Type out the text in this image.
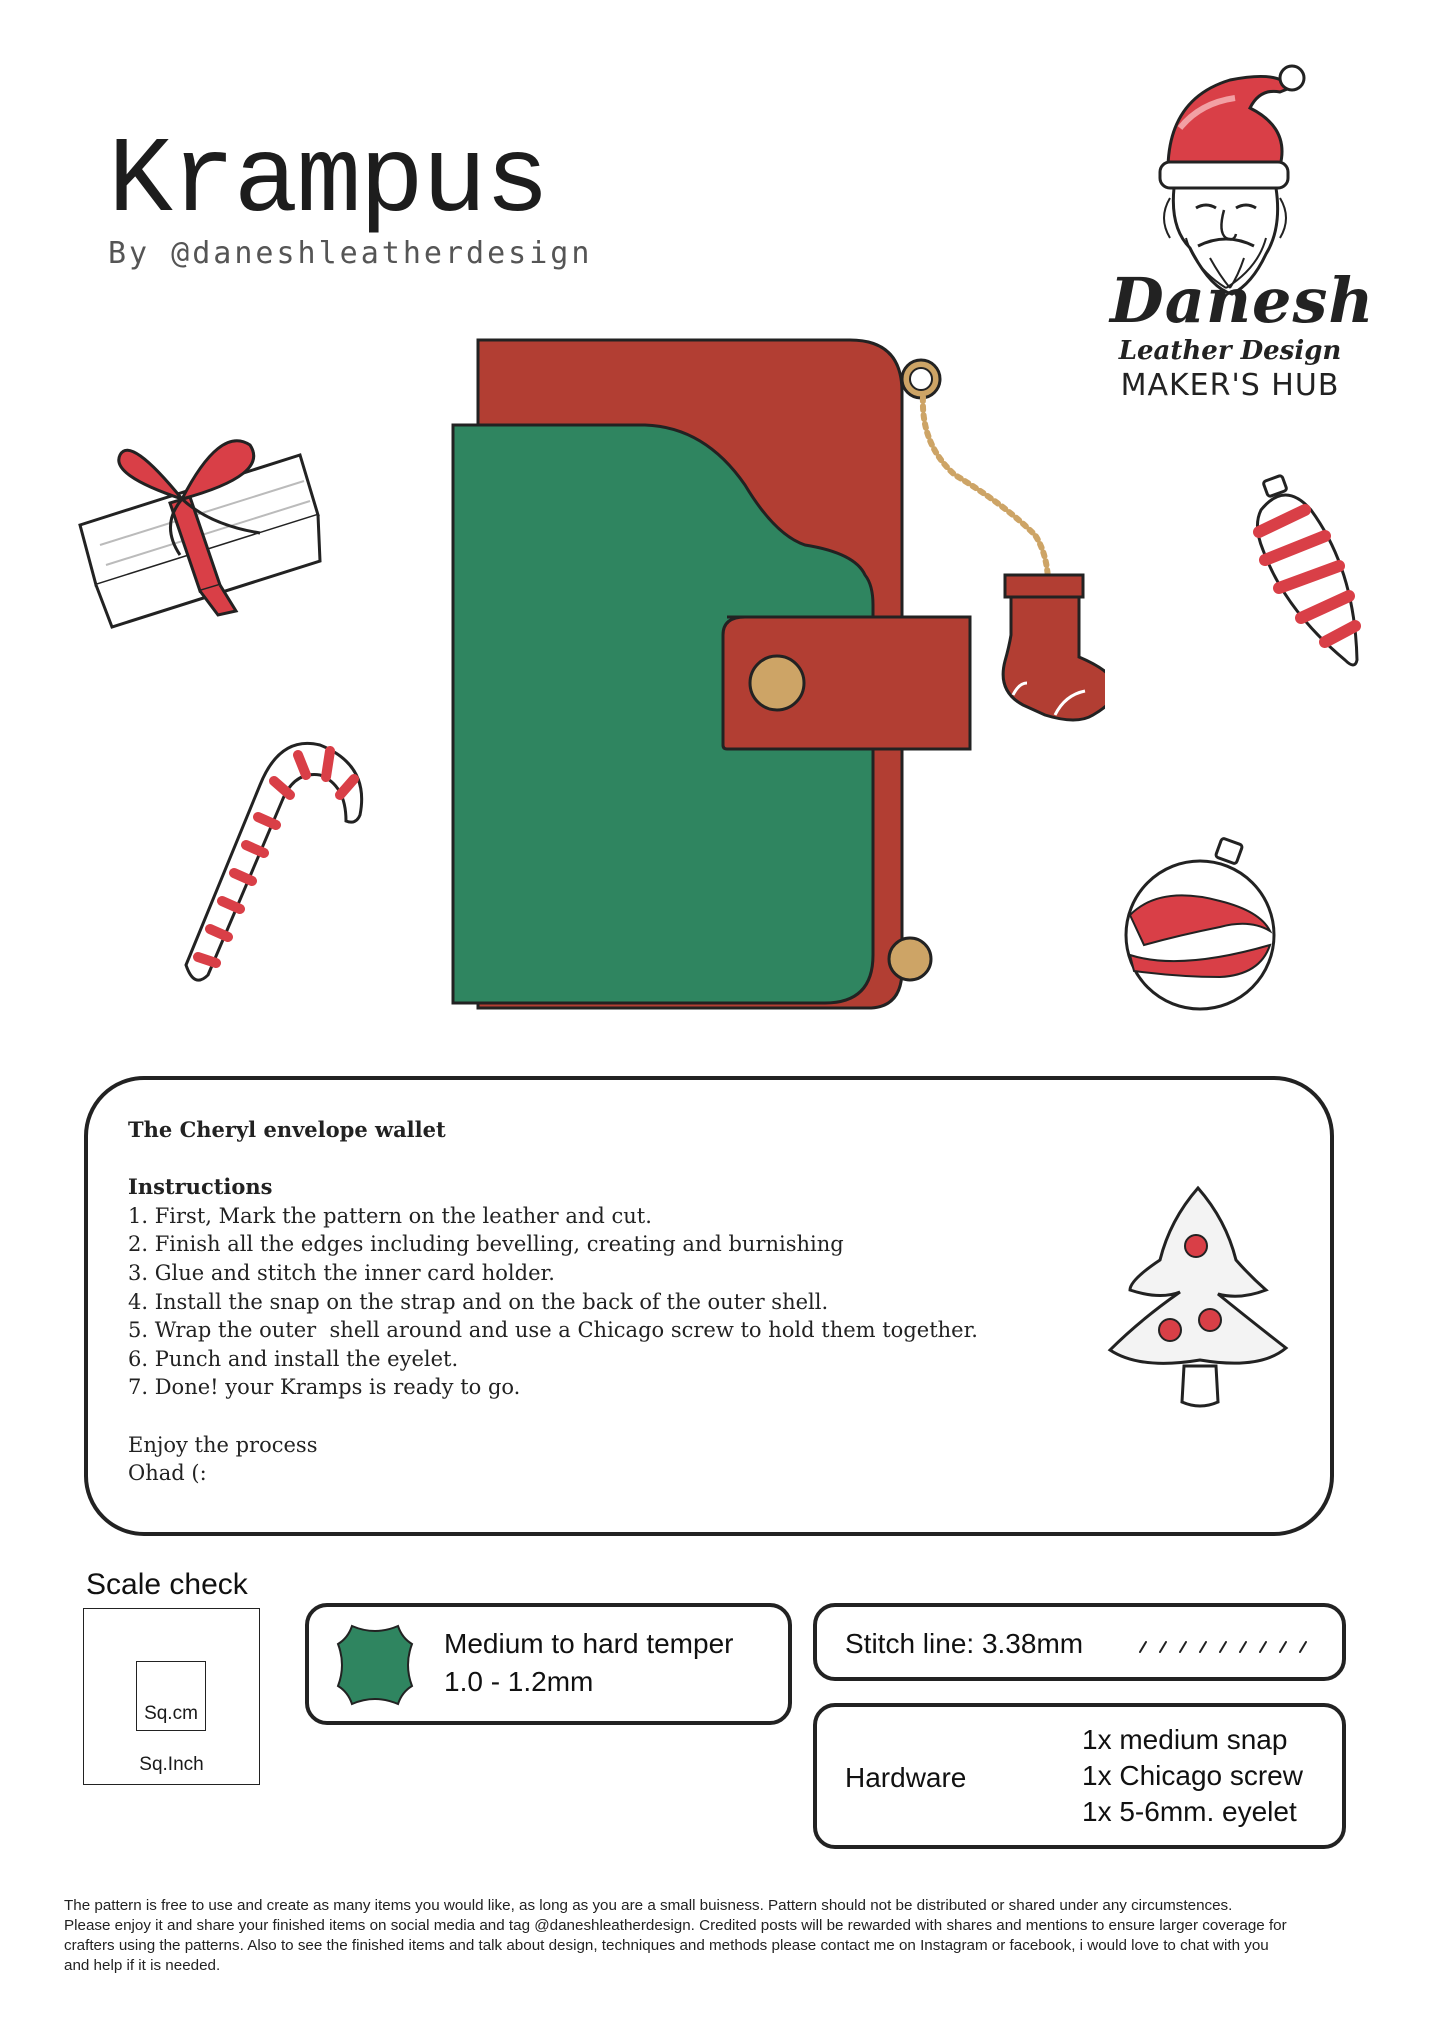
Krampus
By @daneshleatherdesign
Danesh
Leather Design
MAKER'S HUB
The Cheryl envelope wallet
Instructions
1. First, Mark the pattern on the leather and cut.
2. Finish all the edges including bevelling, creating and burnishing
3. Glue and stitch the inner card holder.
4. Install the snap on the strap and on the back of the outer shell.
5. Wrap the outer  shell around and use a Chicago screw to hold them together.
6. Punch and install the eyelet.
7. Done! your Kramps is ready to go.
Enjoy the process
Ohad (:
Scale check
Sq.cm
Sq.Inch
Medium to hard temper
1.0 - 1.2mm
Stitch line: 3.38mm
Hardware
1x medium snap
1x Chicago screw
1x 5-6mm. eyelet
The pattern is free to use and create as many items you would like, as long as you are a small buisness. Pattern should not be distributed or shared under any circumstences.
Please enjoy it and share your finished items on social media and tag @daneshleatherdesign. Credited posts will be rewarded with shares and mentions to ensure larger coverage for
crafters using the patterns. Also to see the finished items and talk about design, techniques and methods please contact me on Instagram or facebook, i would love to chat with you
and help if it is needed.
